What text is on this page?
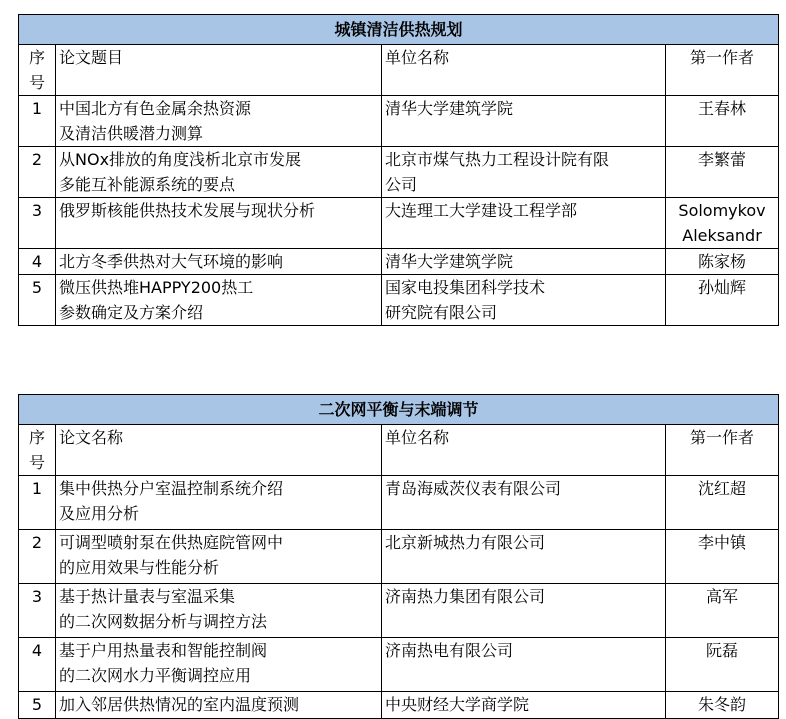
城镇清洁供热规划			
序号	论文题目	单位名称	第一作者
1	中国北方有色金属余热资源
及清洁供暖潜力测算	清华大学建筑学院	王春林

2	从NOx排放的角度浅析北京市发展
多能互补能源系统的要点	北京市煤气热力工程设计院有限
公司	李繁蕾

3	俄罗斯核能供热技术发展与现状分析	大连理工大学建设工程学部	Solomykov
Aleksandr

4	北方冬季供热对大气环境的影响	清华大学建筑学院	陈家杨

5	微压供热堆HAPPY200热工
参数确定及方案介绍	国家电投集团科学技术
研究院有限公司	孙灿辉
二次网平衡与末端调节			
序号	论文名称	单位名称	第一作者
1	集中供热分户室温控制系统介绍
及应用分析	青岛海威茨仪表有限公司	沈红超

2	可调型喷射泵在供热庭院管网中
的应用效果与性能分析	北京新城热力有限公司	李中镇

3	基于热计量表与室温采集
的二次网数据分析与调控方法	济南热力集团有限公司	高军

4	基于户用热量表和智能控制阀
的二次网水力平衡调控应用	济南热电有限公司	阮磊

5	加入邻居供热情况的室内温度预测	中央财经大学商学院	朱冬韵
